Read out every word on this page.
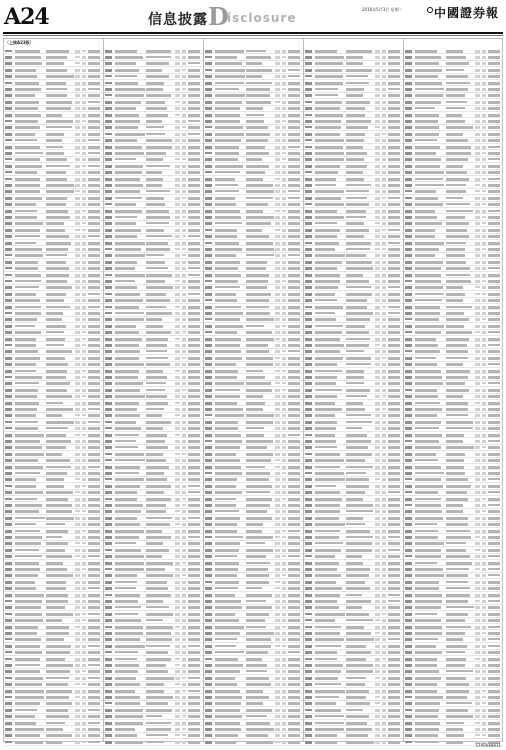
A24	信息披露 D
isclosure
2016年5月3日 星期二	中國證券報
（上接A23版）
CFP0048811
